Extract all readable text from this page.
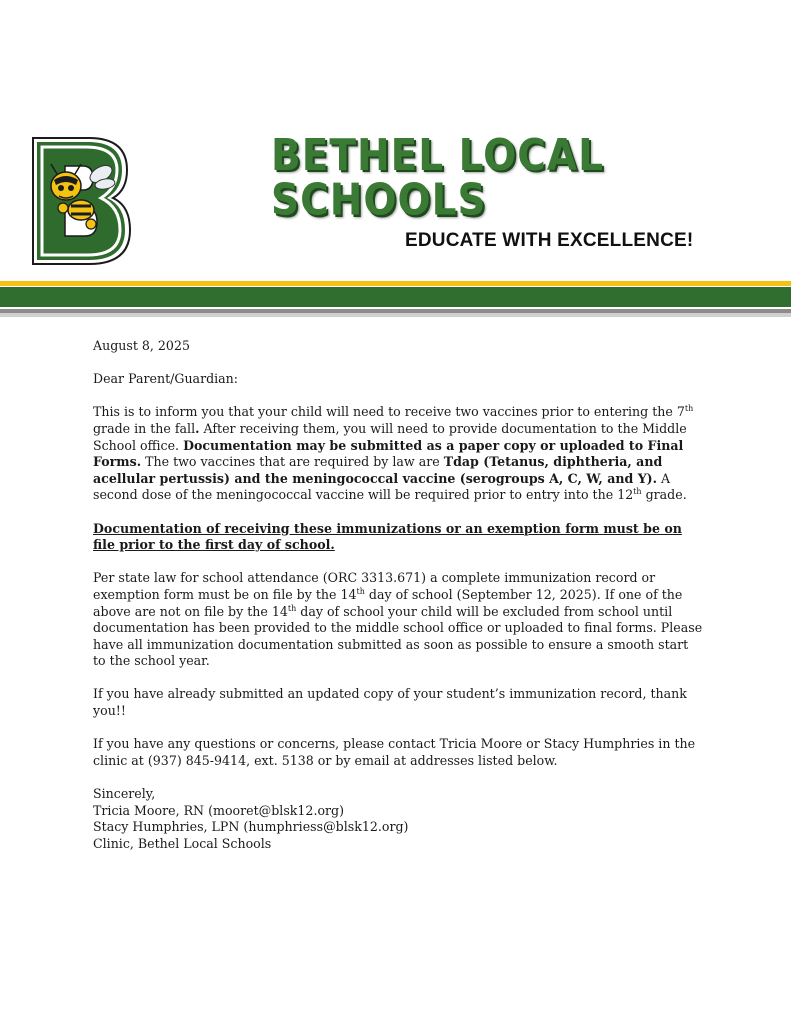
BETHEL LOCAL
SCHOOLS
EDUCATE WITH EXCELLENCE!

August 8, 2025

Dear Parent/Guardian:

This is to inform you that your child will need to receive two vaccines prior to entering the 7th grade in the fall. After receiving them, you will need to provide documentation to the Middle School office. Documentation may be submitted as a paper copy or uploaded to Final Forms. The two vaccines that are required by law are Tdap (Tetanus, diphtheria, and acellular pertussis) and the meningococcal vaccine (serogroups A, C, W, and Y). A second dose of the meningococcal vaccine will be required prior to entry into the 12th grade.

Documentation of receiving these immunizations or an exemption form must be on file prior to the first day of school.

Per state law for school attendance (ORC 3313.671) a complete immunization record or exemption form must be on file by the 14th day of school (September 12, 2025). If one of the above are not on file by the 14th day of school your child will be excluded from school until documentation has been provided to the middle school office or uploaded to final forms. Please have all immunization documentation submitted as soon as possible to ensure a smooth start to the school year.

If you have already submitted an updated copy of your student’s immunization record, thank you!!

If you have any questions or concerns, please contact Tricia Moore or Stacy Humphries in the clinic at (937) 845-9414, ext. 5138 or by email at addresses listed below.

Sincerely,
Tricia Moore, RN (mooret@blsk12.org)
Stacy Humphries, LPN (humphriess@blsk12.org)
Clinic, Bethel Local Schools
